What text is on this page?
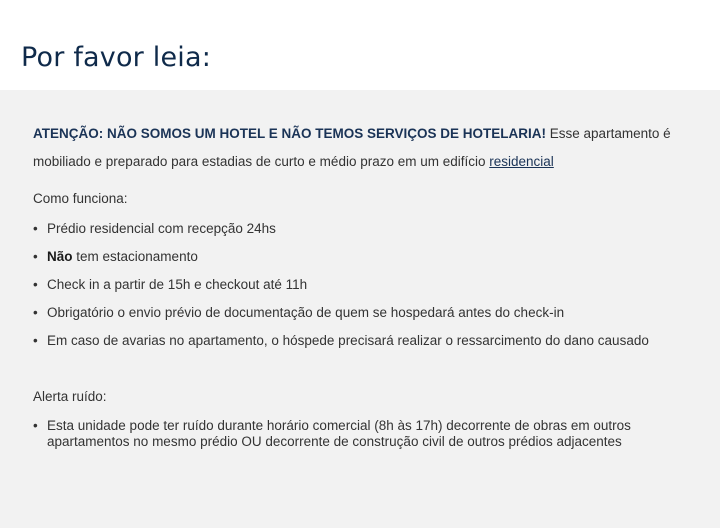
Por favor leia:

ATENÇÃO: NÃO SOMOS UM HOTEL E NÃO TEMOS SERVIÇOS DE HOTELARIA! Esse apartamento é mobiliado e preparado para estadias de curto e médio prazo em um edifício residencial

Como funciona:

• Prédio residencial com recepção 24hs
• Não tem estacionamento
• Check in a partir de 15h e checkout até 11h
• Obrigatório o envio prévio de documentação de quem se hospedará antes do check-in
• Em caso de avarias no apartamento, o hóspede precisará realizar o ressarcimento do dano causado

Alerta ruído:

• Esta unidade pode ter ruído durante horário comercial (8h às 17h) decorrente de obras em outros apartamentos no mesmo prédio OU decorrente de construção civil de outros prédios adjacentes
